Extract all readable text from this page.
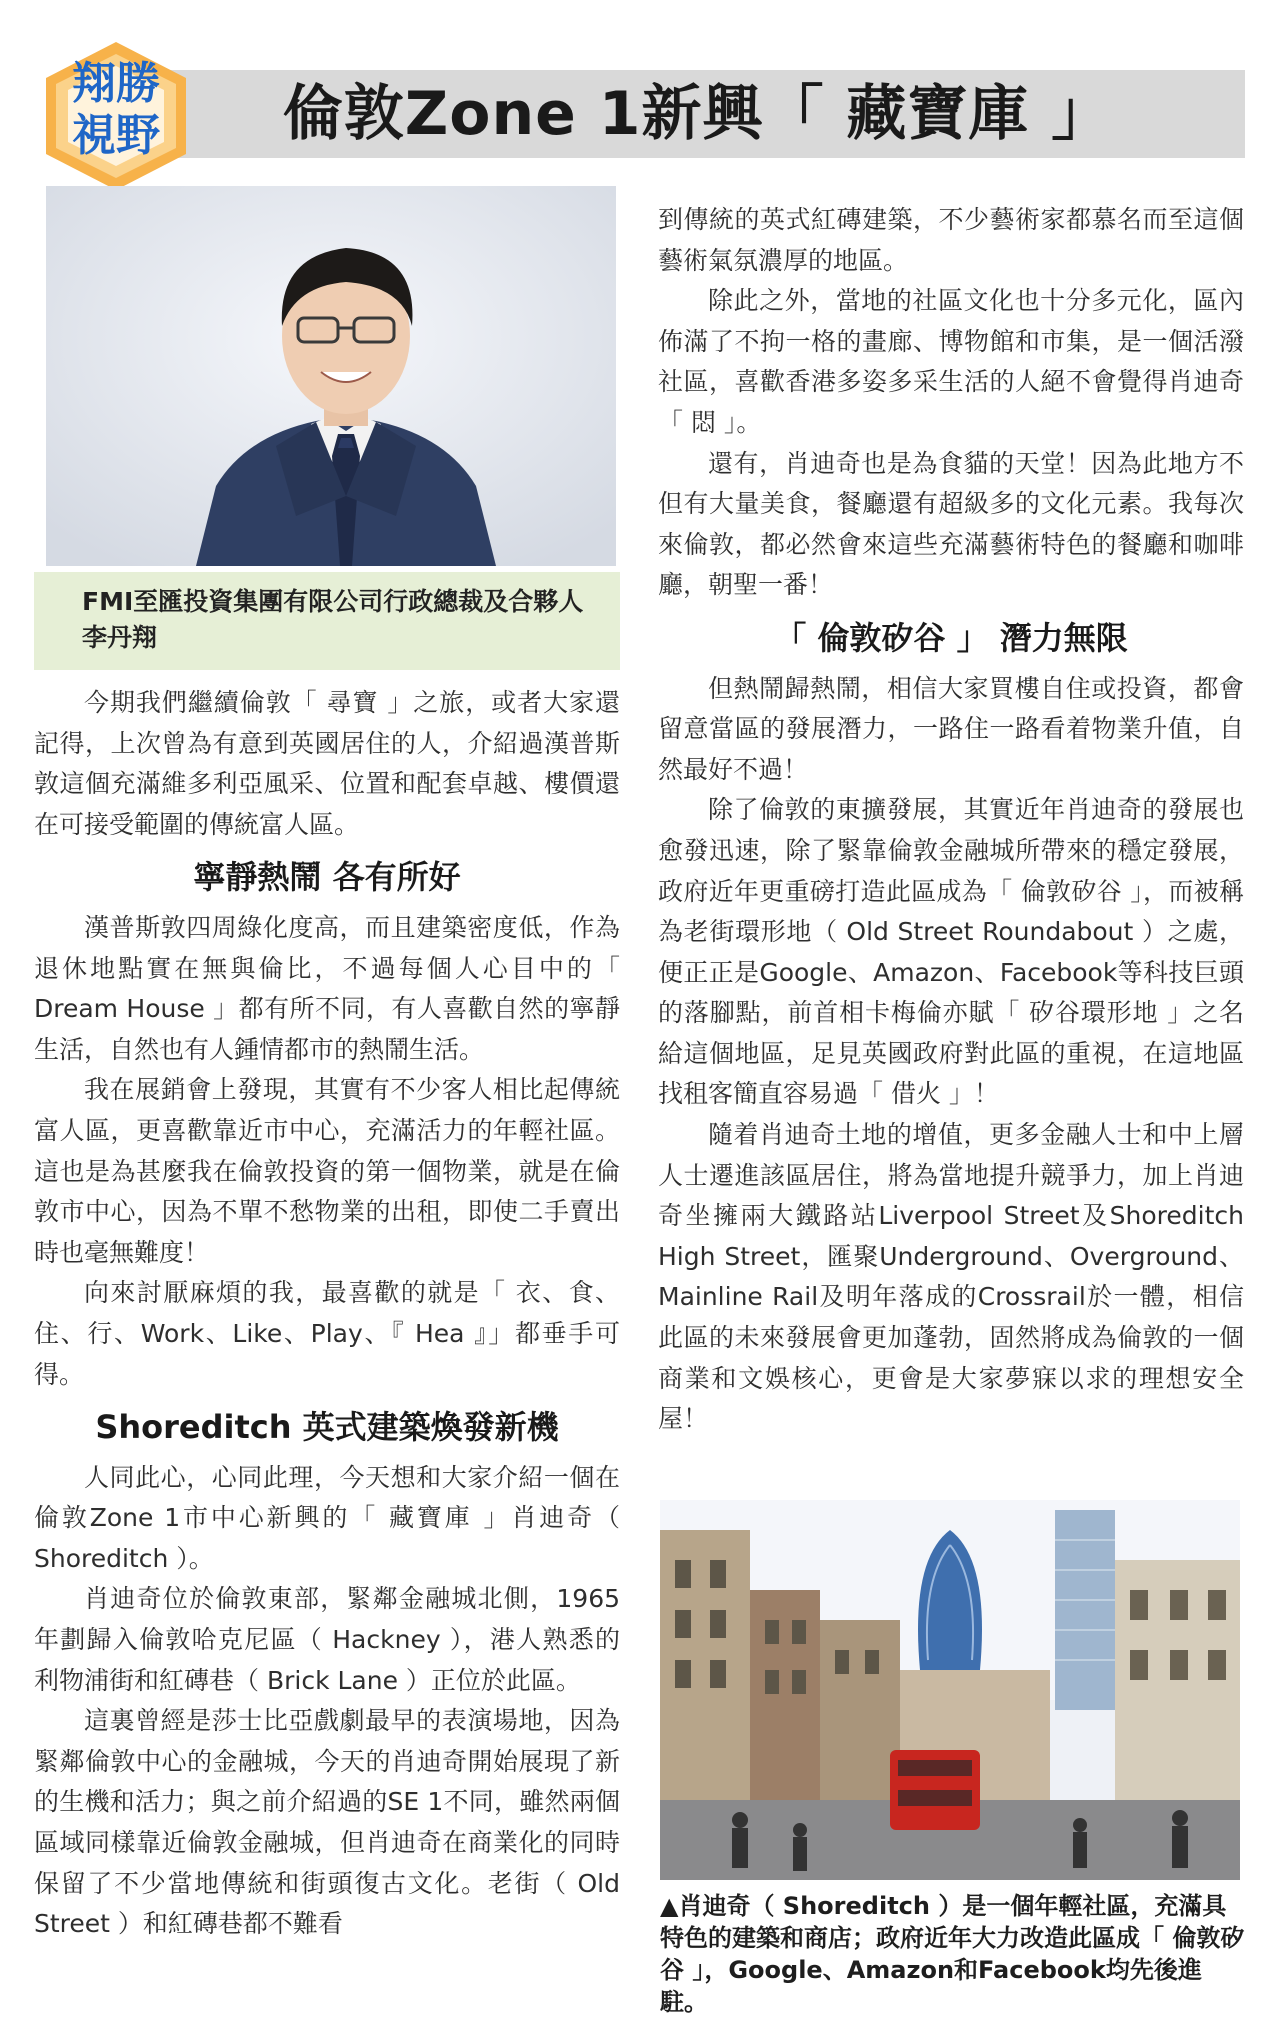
倫敦Zone 1新興「 藏寶庫 」
翔勝
視野
FMI至匯投資集團有限公司行政總裁及合夥人
李丹翔

今期我們繼續倫敦「 尋寶 」之旅，或者大家還記得，上次曾為有意到英國居住的人，介紹過漢普斯敦這個充滿維多利亞風采、位置和配套卓越、樓價還在可接受範圍的傳統富人區。

寧靜熱鬧 各有所好

漢普斯敦四周綠化度高，而且建築密度低，作為退休地點實在無與倫比，不過每個人心目中的「 Dream House 」都有所不同，有人喜歡自然的寧靜生活，自然也有人鍾情都市的熱鬧生活。

我在展銷會上發現，其實有不少客人相比起傳統富人區，更喜歡靠近市中心，充滿活力的年輕社區。這也是為甚麼我在倫敦投資的第一個物業，就是在倫敦市中心，因為不單不愁物業的出租，即使二手賣出時也毫無難度！

向來討厭麻煩的我，最喜歡的就是「 衣、食、住、行、Work、Like、Play、『 Hea 』」都垂手可得。

Shoreditch 英式建築煥發新機

人同此心，心同此理，今天想和大家介紹一個在倫敦Zone 1市中心新興的「 藏寶庫 」肖迪奇（ Shoreditch ）。

肖迪奇位於倫敦東部，緊鄰金融城北側，1965年劃歸入倫敦哈克尼區（ Hackney ），港人熟悉的利物浦街和紅磚巷（ Brick Lane ）正位於此區。

這裏曾經是莎士比亞戲劇最早的表演場地，因為緊鄰倫敦中心的金融城，今天的肖迪奇開始展現了新的生機和活力；與之前介紹過的SE 1不同，雖然兩個區域同樣靠近倫敦金融城，但肖迪奇在商業化的同時保留了不少當地傳統和街頭復古文化。老街（ Old Street ）和紅磚巷都不難看

到傳統的英式紅磚建築，不少藝術家都慕名而至這個藝術氣氛濃厚的地區。

除此之外，當地的社區文化也十分多元化，區內佈滿了不拘一格的畫廊、博物館和市集，是一個活潑社區，喜歡香港多姿多采生活的人絕不會覺得肖迪奇「 悶 」。

還有，肖迪奇也是為食貓的天堂！因為此地方不但有大量美食，餐廳還有超級多的文化元素。我每次來倫敦，都必然會來這些充滿藝術特色的餐廳和咖啡廳，朝聖一番！

「 倫敦矽谷 」 潛力無限

但熱鬧歸熱鬧，相信大家買樓自住或投資，都會留意當區的發展潛力，一路住一路看着物業升值，自然最好不過！

除了倫敦的東擴發展，其實近年肖迪奇的發展也愈發迅速，除了緊靠倫敦金融城所帶來的穩定發展，政府近年更重磅打造此區成為「 倫敦矽谷 」，而被稱為老街環形地（ Old Street Roundabout ）之處，便正正是Google、Amazon、Facebook等科技巨頭的落腳點，前首相卡梅倫亦賦「 矽谷環形地 」之名給這個地區，足見英國政府對此區的重視，在這地區找租客簡直容易過「 借火 」！

隨着肖迪奇土地的增值，更多金融人士和中上層人士遷進該區居住，將為當地提升競爭力，加上肖迪奇坐擁兩大鐵路站Liverpool Street及Shoreditch High Street，匯聚Underground、Overground、Mainline Rail及明年落成的Crossrail於一體，相信此區的未來發展會更加蓬勃，固然將成為倫敦的一個商業和文娛核心，更會是大家夢寐以求的理想安全屋！

▲肖迪奇（ Shoreditch ）是一個年輕社區，充滿具特色的建築和商店；政府近年大力改造此區成「 倫敦矽谷 」，Google、Amazon和Facebook均先後進駐。
